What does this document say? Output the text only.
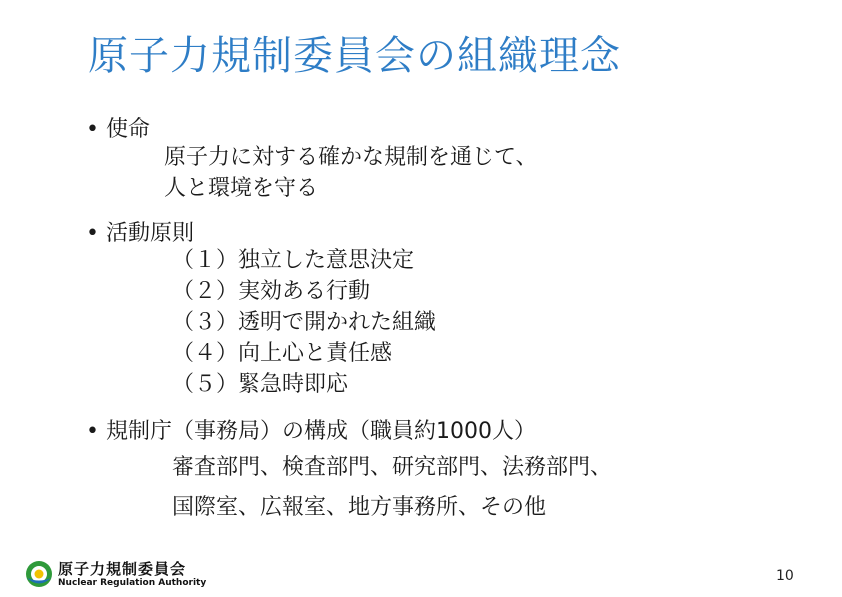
原子力規制委員会の組織理念
• 使命
原子力に対する確かな規制を通じて、
人と環境を守る
• 活動原則
（１）独立した意思決定
（２）実効ある行動
（３）透明で開かれた組織
（４）向上心と責任感
（５）緊急時即応
• 規制庁（事務局）の構成（職員約1000人）
審査部門、検査部門、研究部門、法務部門、
国際室、広報室、地方事務所、その他
原子力規制委員会
Nuclear Regulation Authority	10
